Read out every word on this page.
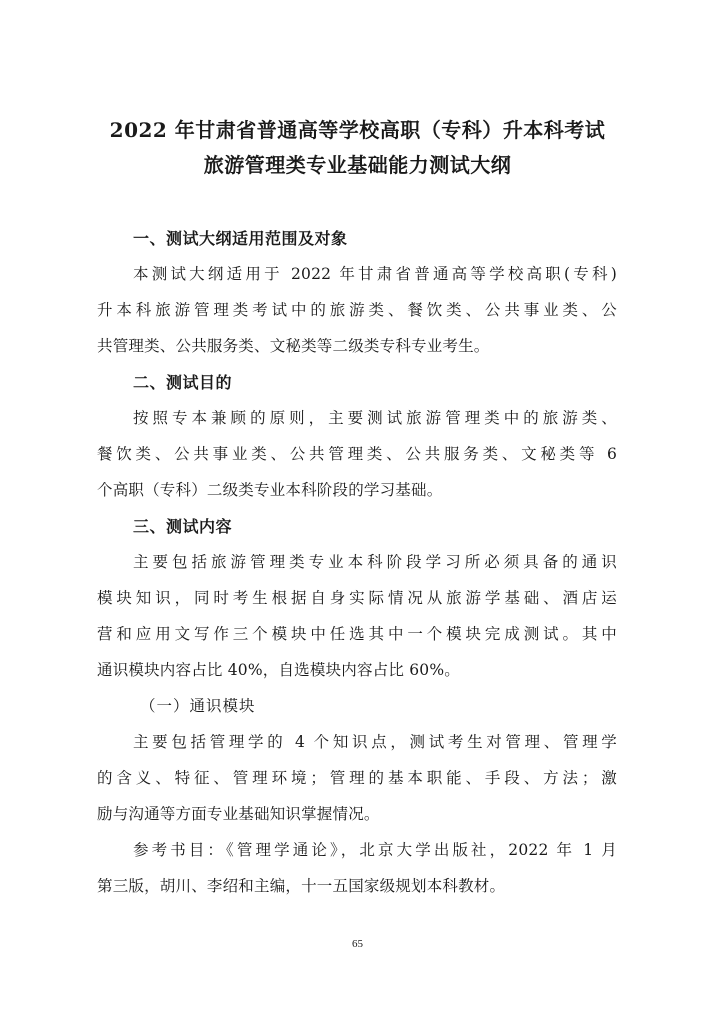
2022 年甘肃省普通高等学校高职（专科）升本科考试
旅游管理类专业基础能力测试大纲
一、测试大纲适用范围及对象
本测试大纲适用于 2022 年甘肃省普通高等学校高职(专科)
升本科旅游管理类考试中的旅游类、餐饮类、公共事业类、公
共管理类、公共服务类、文秘类等二级类专科专业考生。
二、测试目的
按照专本兼顾的原则，主要测试旅游管理类中的旅游类、
餐饮类、公共事业类、公共管理类、公共服务类、文秘类等 6
个高职（专科）二级类专业本科阶段的学习基础。
三、测试内容
主要包括旅游管理类专业本科阶段学习所必须具备的通识
模块知识，同时考生根据自身实际情况从旅游学基础、酒店运
营和应用文写作三个模块中任选其中一个模块完成测试。其中
通识模块内容占比 40%，自选模块内容占比 60%。
（一）通识模块
主要包括管理学的 4 个知识点，测试考生对管理、管理学
的含义、特征、管理环境；管理的基本职能、手段、方法；激
励与沟通等方面专业基础知识掌握情况。
参考书目：《管理学通论》，北京大学出版社，2022 年 1 月
第三版，胡川、李绍和主编，十一五国家级规划本科教材。
65
